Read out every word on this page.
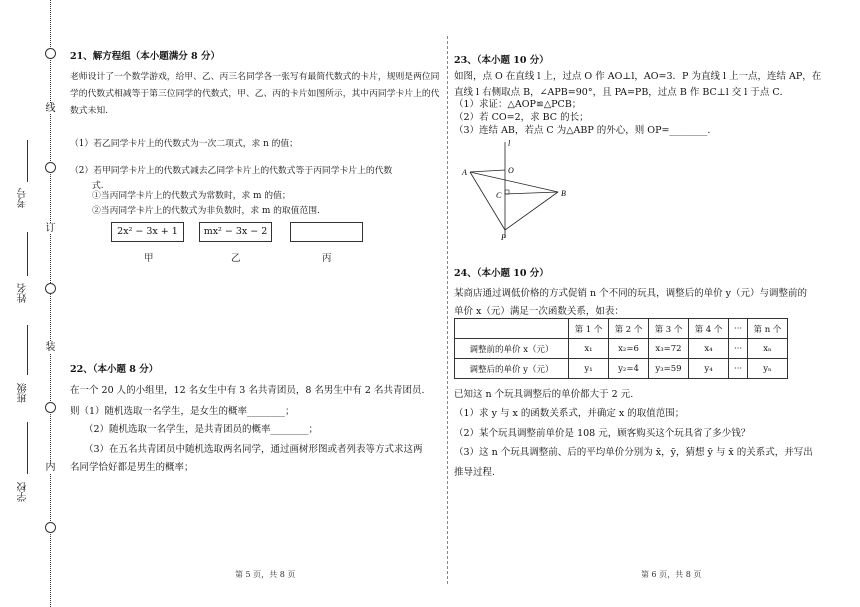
线
订
装
内
考号
姓名
班级
学校
21、解方程组（本小题满分 8 分）
老师设计了一个数学游戏，给甲、乙、丙三名同学各一张写有最简代数式的卡片，规则是两位同
学的代数式相减等于第三位同学的代数式，甲、乙、丙的卡片如图所示，其中丙同学卡片上的代
数式未知.
（1）若乙同学卡片上的代数式为一次二项式，求 n 的值；
（2）若甲同学卡片上的代数式减去乙同学卡片上的代数式等于丙同学卡片上的代数
式.
①当丙同学卡片上的代数式为常数时，求 m 的值；
②当丙同学卡片上的代数式为非负数时，求 m 的取值范围.
2x² − 3x + 1	mx² − 3x − 2
甲	乙	丙
22、（本小题 8 分）
在一个 20 人的小组里，12 名女生中有 3 名共青团员，8 名男生中有 2 名共青团员.
则（1）随机选取一名学生，是女生的概率________；
（2）随机选取一名学生，是共青团员的概率________；
（3）在五名共青团员中随机选取两名同学，通过画树形图或者列表等方式求这两
名同学恰好都是男生的概率；
第 5 页，共 8 页
23、（本小题 10 分）
如图，点 O 在直线 l 上，过点 O 作 AO⊥l，AO=3．P 为直线 l 上一点，连结 AP，在
直线 l 右侧取点 B，∠APB=90°，且 PA=PB，过点 B 作 BC⊥l 交 l 于点 C．
（1）求证：△AOP≌△PCB；
（2）若 CO=2，求 BC 的长；
（3）连结 AB，若点 C 为△ABP 的外心，则 OP=________.
l
A	O
C	B
P
24、（本小题 10 分）
某商店通过调低价格的方式促销 n 个不同的玩具，调整后的单价 y（元）与调整前的
单价 x（元）满足一次函数关系，如表：
	第 1 个	第 2 个	第 3 个	第 4 个	···	第 n 个
调整前的单价 x（元）	x₁	x₂=6	x₃=72	x₄	···	xₙ
调整后的单价 y（元）	y₁	y₂=4	y₃=59	y₄	···	yₙ
已知这 n 个玩具调整后的单价都大于 2 元.
（1）求 y 与 x 的函数关系式，并确定 x 的取值范围；
（2）某个玩具调整前单价是 108 元，顾客购买这个玩具省了多少钱？
（3）这 n 个玩具调整前、后的平均单价分别为 x̄，ȳ，猜想 ȳ 与 x̄ 的关系式，并写出
推导过程.
第 6 页，共 8 页
